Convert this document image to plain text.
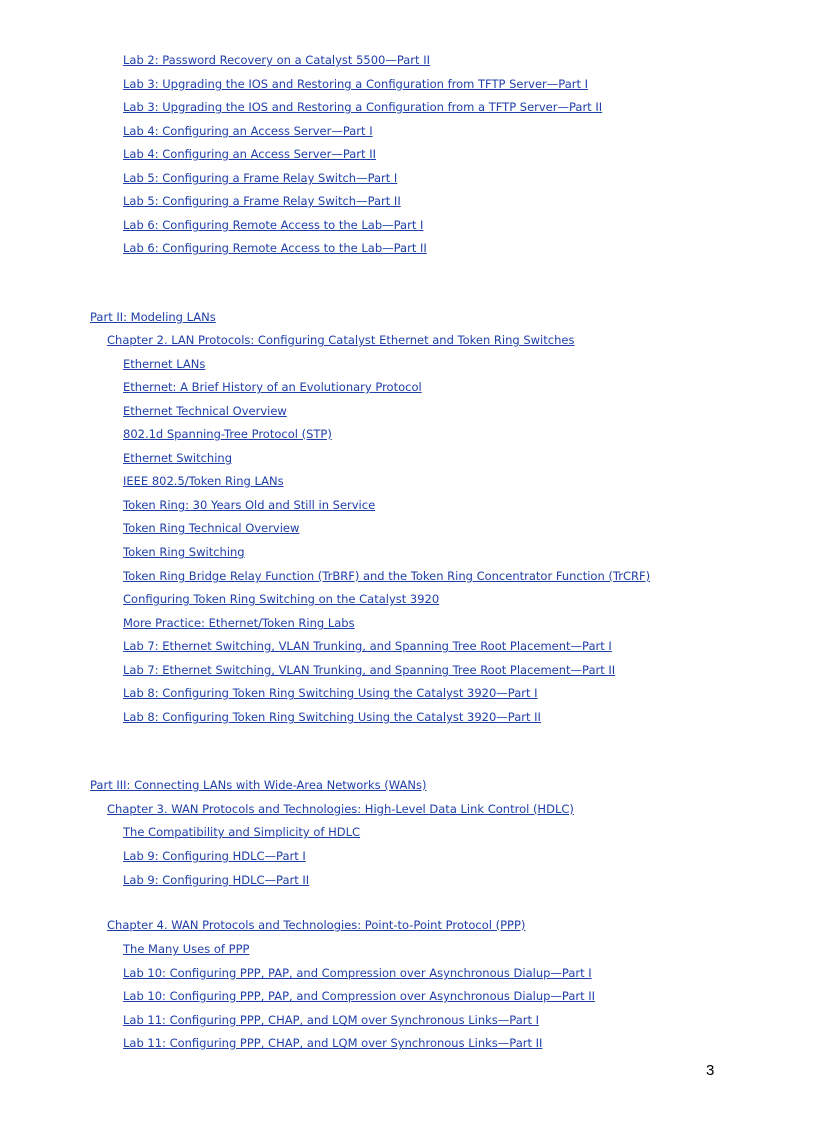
Lab 2: Password Recovery on a Catalyst 5500—Part II
Lab 3: Upgrading the IOS and Restoring a Configuration from TFTP Server—Part I
Lab 3: Upgrading the IOS and Restoring a Configuration from a TFTP Server—Part II
Lab 4: Configuring an Access Server—Part I
Lab 4: Configuring an Access Server—Part II
Lab 5: Configuring a Frame Relay Switch—Part I
Lab 5: Configuring a Frame Relay Switch—Part II
Lab 6: Configuring Remote Access to the Lab—Part I
Lab 6: Configuring Remote Access to the Lab—Part II
Part II: Modeling LANs
Chapter 2. LAN Protocols: Configuring Catalyst Ethernet and Token Ring Switches
Ethernet LANs
Ethernet: A Brief History of an Evolutionary Protocol
Ethernet Technical Overview
802.1d Spanning-Tree Protocol (STP)
Ethernet Switching
IEEE 802.5/Token Ring LANs
Token Ring: 30 Years Old and Still in Service
Token Ring Technical Overview
Token Ring Switching
Token Ring Bridge Relay Function (TrBRF) and the Token Ring Concentrator Function (TrCRF)
Configuring Token Ring Switching on the Catalyst 3920
More Practice: Ethernet/Token Ring Labs
Lab 7: Ethernet Switching, VLAN Trunking, and Spanning Tree Root Placement—Part I
Lab 7: Ethernet Switching, VLAN Trunking, and Spanning Tree Root Placement—Part II
Lab 8: Configuring Token Ring Switching Using the Catalyst 3920—Part I
Lab 8: Configuring Token Ring Switching Using the Catalyst 3920—Part II
Part III: Connecting LANs with Wide-Area Networks (WANs)
Chapter 3. WAN Protocols and Technologies: High-Level Data Link Control (HDLC)
The Compatibility and Simplicity of HDLC
Lab 9: Configuring HDLC—Part I
Lab 9: Configuring HDLC—Part II
Chapter 4. WAN Protocols and Technologies: Point-to-Point Protocol (PPP)
The Many Uses of PPP
Lab 10: Configuring PPP, PAP, and Compression over Asynchronous Dialup—Part I
Lab 10: Configuring PPP, PAP, and Compression over Asynchronous Dialup—Part II
Lab 11: Configuring PPP, CHAP, and LQM over Synchronous Links—Part I
Lab 11: Configuring PPP, CHAP, and LQM over Synchronous Links—Part II
3
